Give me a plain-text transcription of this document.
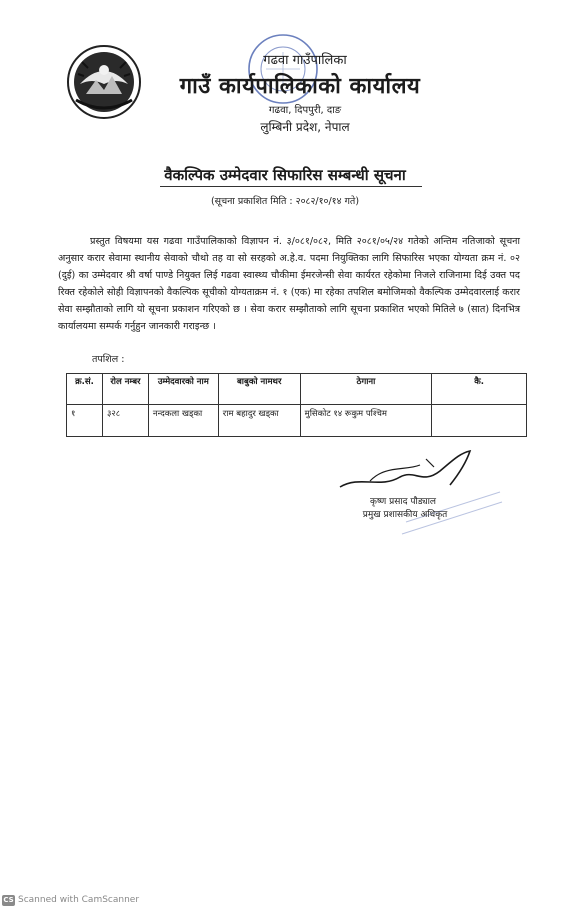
गढवा गाउँपालिका
गाउँ कार्यपालिकाको कार्यालय
गढवा, दिपपुरी, दाङ
लुम्बिनी प्रदेश, नेपाल
वैकल्पिक उम्मेदवार सिफारिस सम्बन्धी सूचना
(सूचना प्रकाशित मिति : २०८२/१०/१४ गते)

प्रस्तुत विषयमा यस गढवा गाउँपालिकाको विज्ञापन नं. ३/०८१/०८२, मिति २०८१/०५/२४ गतेको अन्तिम नतिजाको सूचना अनुसार करार सेवामा स्थानीय सेवाको चौथो तह वा सो सरहको अ.हे.व. पदमा नियुक्तिका लागि सिफारिस भएका योग्यता क्रम नं. ०२ (दुई) का उम्मेदवार श्री वर्षा पाण्डे नियुक्त लिई गढवा स्वास्थ्य चौकीमा ईमरजेन्सी सेवा कार्यरत रहेकोमा निजले राजिनामा दिई उक्त पद रिक्त रहेकोले सोही विज्ञापनको वैकल्पिक सूचीको योग्यताक्रम नं. १ (एक) मा रहेका तपशिल बमोजिमको वैकल्पिक उम्मेदवारलाई करार सेवा सम्झौताको लागि यो सूचना प्रकाशन गरिएको छ । सेवा करार सम्झौताको लागि सूचना प्रकाशित भएको मितिले ७ (सात) दिनभित्र कार्यालयमा सम्पर्क गर्नुहुन जानकारी गराइन्छ ।

तपशिल :
क्र.सं.	रोल नम्बर	उम्मेदवारको नाम	बाबुको नामथर	ठेगाना	कै.
१	३२८	नन्दकला खड्का	राम बहादुर खड्का	मुसिकोट १४ रूकुम पश्चिम	
कृष्ण प्रसाद पौड्याल
प्रमुख प्रशासकीय अधिकृत
CS Scanned with CamScanner
